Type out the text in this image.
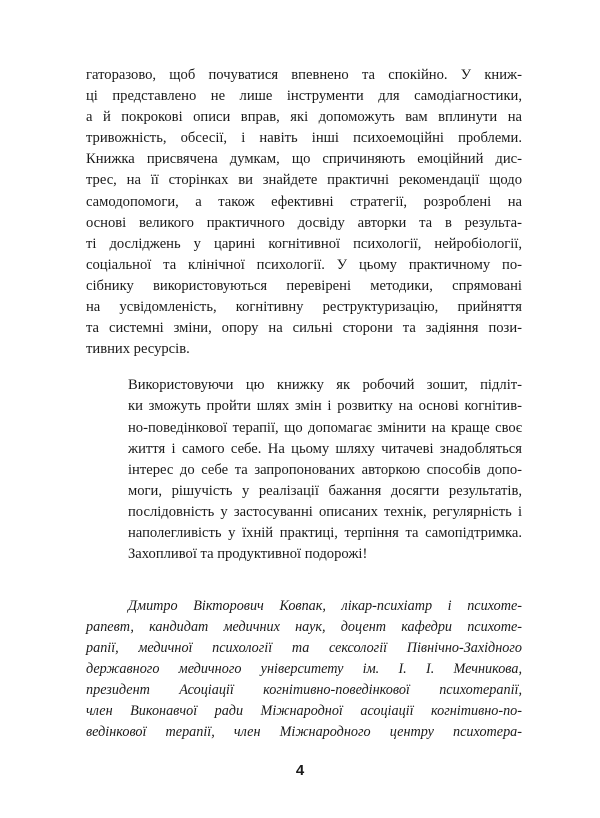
гаторазово, щоб почуватися впевнено та спокійно. У книж-
ці представлено не лише інструменти для самодіагностики,
а й покрокові описи вправ, які допоможуть вам вплинути на
тривожність, обсесії, і навіть інші психоемоційні проблеми.
Книжка присвячена думкам, що спричиняють емоційний дис-
трес, на її сторінках ви знайдете практичні рекомендації щодо
самодопомоги, а також ефективні стратегії, розроблені на
основі великого практичного досвіду авторки та в результа-
ті досліджень у царині когнітивної психології, нейробіології,
соціальної та клінічної психології. У цьому практичному по-
сібнику використовуються перевірені методики, спрямовані
на усвідомленість, когнітивну реструктуризацію, прийняття
та системні зміни, опору на сильні сторони та задіяння пози-
тивних ресурсів.

Використовуючи цю книжку як робочий зошит, підліт-
ки зможуть пройти шлях змін і розвитку на основі когнітив-
но-поведінкової терапії, що допомагає змінити на краще своє
життя і самого себе. На цьому шляху читачеві знадобляться
інтерес до себе та запропонованих авторкою способів допо-
моги, рішучість у реалізації бажання досягти результатів,
послідовність у застосуванні описаних технік, регулярність і
наполегливість у їхній практиці, терпіння та самопідтримка.
Захопливої та продуктивної подорожі!

Дмитро Вікторович Ковпак, лікар-психіатр і психоте-
рапевт, кандидат медичних наук, доцент кафедри психоте-
рапії, медичної психології та сексології Північно-Західного
державного медичного університету ім. І. І. Мечникова,
президент Асоціації когнітивно-поведінкової психотерапії,
член Виконавчої ради Міжнародної асоціації когнітивно-по-
ведінкової терапії, член Міжнародного центру психотера-
4
